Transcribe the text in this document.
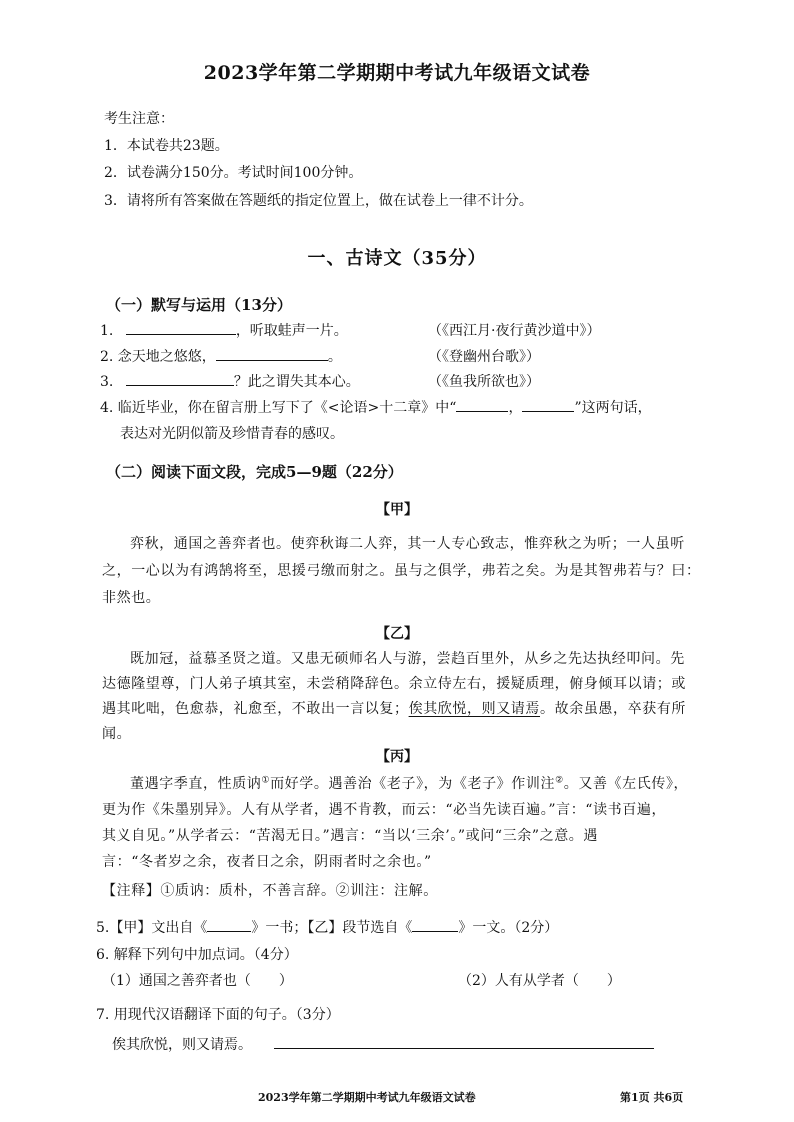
2023学年第二学期期中考试九年级语文试卷
考生注意：
1．本试卷共23题。
2．试卷满分150分。考试时间100分钟。
3．请将所有答案做在答题纸的指定位置上，做在试卷上一律不计分。
一、古诗文（35分）
（一）默写与运用（13分）
1.	，听取蛙声一片。	（《西江月·夜行黄沙道中》）
2. 念天地之悠悠，	。	（《登幽州台歌》）
3.	？此之谓失其本心。	（《鱼我所欲也》）
4. 临近毕业，你在留言册上写下了《<论语>十二章》中“	，	”这两句话，
表达对光阴似箭及珍惜青春的感叹。
（二）阅读下面文段，完成5—9题（22分）
【甲】
弈秋，通国之善弈者也。使弈秋诲二人弈，其一人专心致志，惟弈秋之为听；一人虽听
之，一心以为有鸿鹄将至，思援弓缴而射之。虽与之俱学，弗若之矣。为是其智弗若与？曰：
非然也。
【乙】
既加冠，益慕圣贤之道。又患无硕师名人与游，尝趋百里外，从乡之先达执经叩问。先
达德隆望尊，门人弟子填其室，未尝稍降辞色。余立侍左右，援疑质理，俯身倾耳以请；或
遇其叱咄，色愈恭，礼愈至，不敢出一言以复；俟其欣悦，则又请焉。故余虽愚，卒获有所
闻。
【丙】
董遇字季直，性质讷①而好学。遇善治《老子》，为《老子》作训注②。又善《左氏传》，
更为作《朱墨别异》。人有从学者，遇不肯教，而云：“必当先读百遍。”言：“读书百遍，
其义自见。”从学者云：“苦渴无日。”遇言：“当以‘三余’。”或问“三余”之意。遇
言：“冬者岁之余，夜者日之余，阴雨者时之余也。”
【注释】①质讷：质朴，不善言辞。②训注：注解。
5.【甲】文出自《	》一书；【乙】段节选自《	》一文。（2分）
6. 解释下列句中加点词。（4分）
（1）通国之善弈者也（　　）	（2）人有从学者（　　）
7. 用现代汉语翻译下面的句子。（3分）
俟其欣悦，则又请焉。
2023学年第二学期期中考试九年级语文试卷	第1页 共6页
